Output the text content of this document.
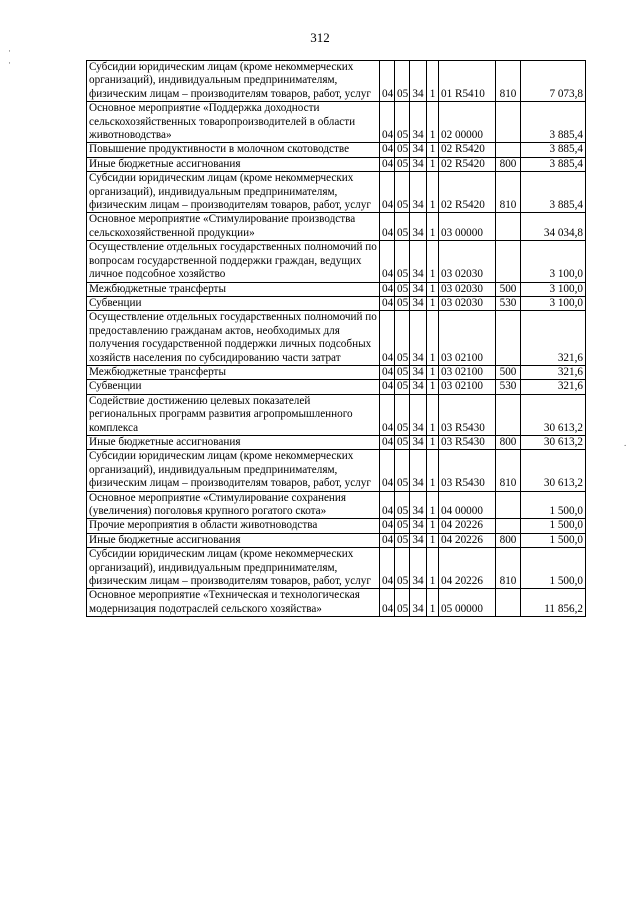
312
Субсидии юридическим лицам (кроме некоммерческих организаций), индивидуальным предпринимателям, физическим лицам – производителям товаров, работ, услуг	04	05	34	1	01 R5410	810	7 073,8
Основное мероприятие «Поддержка доходности сельскохозяйственных товаропроизводителей в области животноводства»	04	05	34	1	02 00000		3 885,4
Повышение продуктивности в молочном скотоводстве	04	05	34	1	02 R5420		3 885,4
Иные бюджетные ассигнования	04	05	34	1	02 R5420	800	3 885,4
Субсидии юридическим лицам (кроме некоммерческих организаций), индивидуальным предпринимателям, физическим лицам – производителям товаров, работ, услуг	04	05	34	1	02 R5420	810	3 885,4
Основное мероприятие «Стимулирование производства сельскохозяйственной продукции»	04	05	34	1	03 00000		34 034,8
Осуществление отдельных государственных полномочий по вопросам государственной поддержки граждан, ведущих личное подсобное хозяйство	04	05	34	1	03 02030		3 100,0
Межбюджетные трансферты	04	05	34	1	03 02030	500	3 100,0
Субвенции	04	05	34	1	03 02030	530	3 100,0
Осуществление отдельных государственных полномочий по предоставлению гражданам актов, необходимых для получения государственной поддержки личных подсобных хозяйств населения по субсидированию части затрат	04	05	34	1	03 02100		321,6
Межбюджетные трансферты	04	05	34	1	03 02100	500	321,6
Субвенции	04	05	34	1	03 02100	530	321,6
Содействие достижению целевых показателей региональных программ развития агропромышленного комплекса	04	05	34	1	03 R5430		30 613,2
Иные бюджетные ассигнования	04	05	34	1	03 R5430	800	30 613,2
Субсидии юридическим лицам (кроме некоммерческих организаций), индивидуальным предпринимателям, физическим лицам – производителям товаров, работ, услуг	04	05	34	1	03 R5430	810	30 613,2
Основное мероприятие «Стимулирование сохранения (увеличения) поголовья крупного рогатого скота»	04	05	34	1	04 00000		1 500,0
Прочие мероприятия в области животноводства	04	05	34	1	04 20226		1 500,0
Иные бюджетные ассигнования	04	05	34	1	04 20226	800	1 500,0
Субсидии юридическим лицам (кроме некоммерческих организаций), индивидуальным предпринимателям, физическим лицам – производителям товаров, работ, услуг	04	05	34	1	04 20226	810	1 500,0
Основное мероприятие «Техническая и технологическая модернизация подотраслей сельского хозяйства»	04	05	34	1	05 00000		11 856,2
·
·
.
